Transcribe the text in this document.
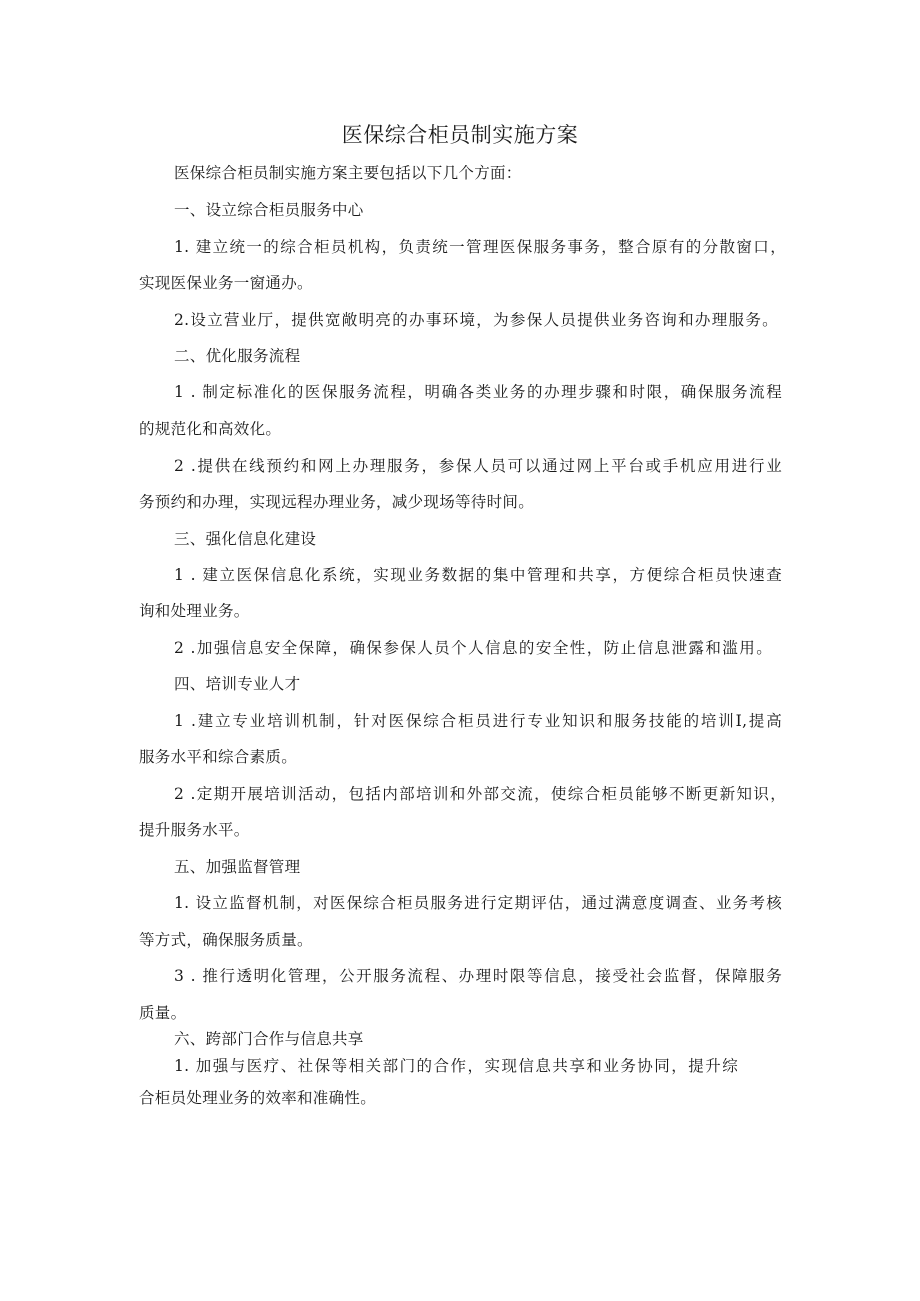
医保综合柜员制实施方案
医保综合柜员制实施方案主要包括以下几个方面：
一、设立综合柜员服务中心
1. 建立统一的综合柜员机构，负责统一管理医保服务事务，整合原有的分散窗口，
实现医保业务一窗通办。
2.设立营业厅，提供宽敞明亮的办事环境，为参保人员提供业务咨询和办理服务。
二、优化服务流程
1 . 制定标准化的医保服务流程，明确各类业务的办理步骤和时限，确保服务流程
的规范化和高效化。
2 .提供在线预约和网上办理服务，参保人员可以通过网上平台或手机应用进行业
务预约和办理，实现远程办理业务，减少现场等待时间。
三、强化信息化建设
1 . 建立医保信息化系统，实现业务数据的集中管理和共享，方便综合柜员快速查
询和处理业务。
2 .加强信息安全保障，确保参保人员个人信息的安全性，防止信息泄露和滥用。
四、培训专业人才
1 .建立专业培训机制，针对医保综合柜员进行专业知识和服务技能的培训I,提高
服务水平和综合素质。
2 .定期开展培训活动，包括内部培训和外部交流，使综合柜员能够不断更新知识，
提升服务水平。
五、加强监督管理
1. 设立监督机制，对医保综合柜员服务进行定期评估，通过满意度调查、业务考核
等方式，确保服务质量。
3 . 推行透明化管理，公开服务流程、办理时限等信息，接受社会监督，保障服务
质量。
六、跨部门合作与信息共享
1. 加强与医疗、社保等相关部门的合作，实现信息共享和业务协同，提升综
合柜员处理业务的效率和准确性。
